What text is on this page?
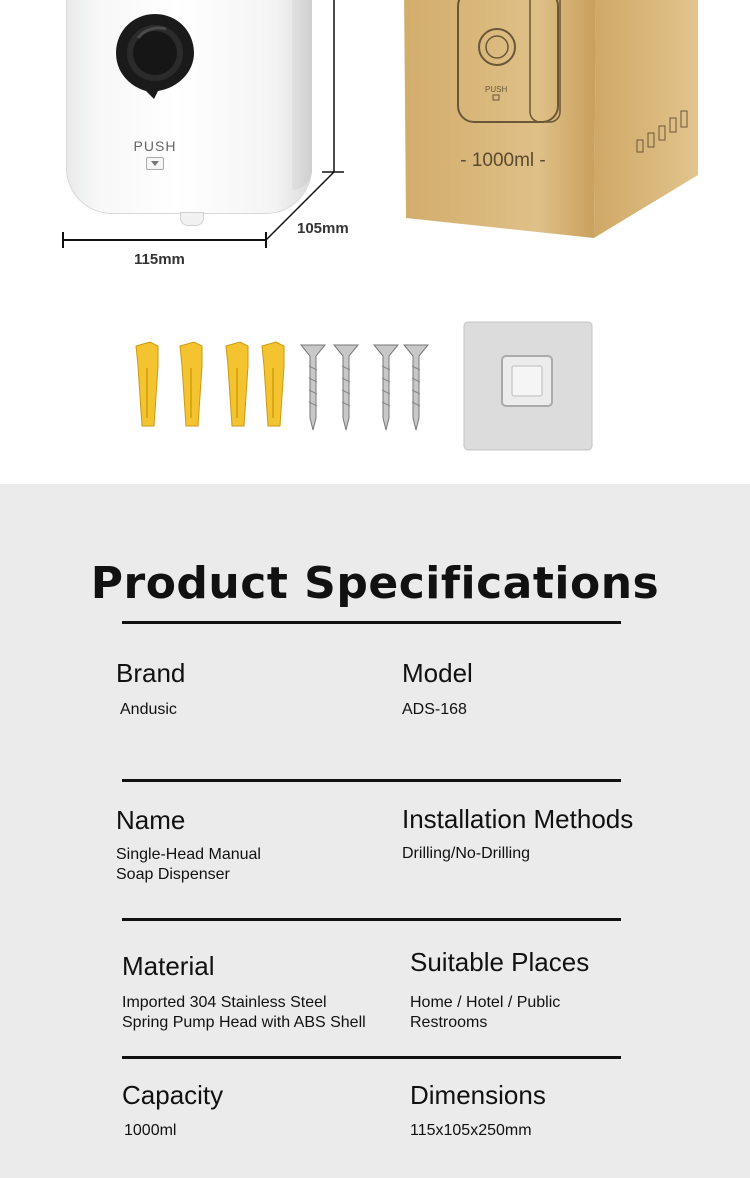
PUSH
115mm
105mm
PUSH
- 1000ml -
Product Specifications
Brand
Andusic
Model
ADS-168
Name
Single-Head Manual
Soap Dispenser
Installation Methods
Drilling/No-Drilling
Material
Imported 304 Stainless Steel
Spring Pump Head with ABS Shell
Suitable Places
Home / Hotel / Public
Restrooms
Capacity
1000ml
Dimensions
115x105x250mm
